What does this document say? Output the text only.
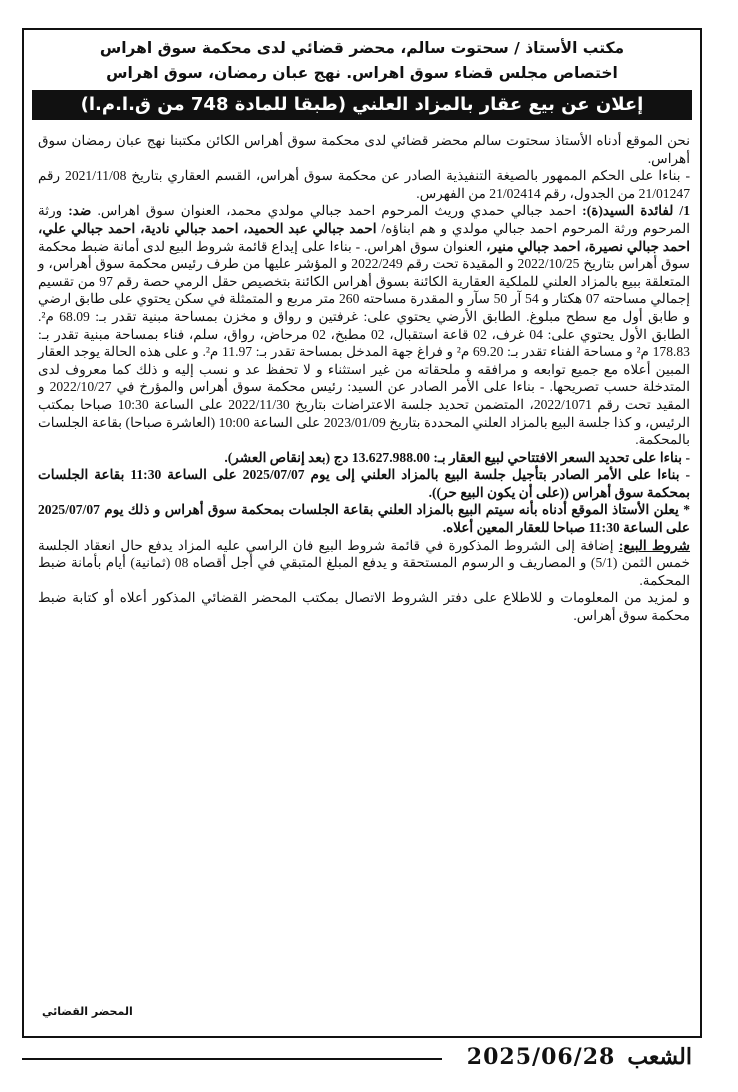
مكتب الأستاذ / سحتوت سالم، محضر قضائي لدى محكمة سوق اهراس
اختصاص مجلس قضاء سوق اهراس. نهج عبان رمضان، سوق اهراس
إعلان عن بيع عقار بالمزاد العلني (طبقا للمادة 748 من ق.ا.م.ا)

نحن الموقع أدناه الأستاذ سحتوت سالم محضر قضائي لدى محكمة سوق أهراس الكائن مكتبنا نهج عبان رمضان سوق أهراس.

- بناءا على الحكم الممهور بالصيغة التنفيذية الصادر عن محكمة سوق أهراس، القسم العقاري بتاريخ 2021/11/08 رقم 21/01247 من الجدول، رقم 21/02414 من الفهرس.

1/ لفائدة السيد(ة): احمد جبالي حمدي وريث المرحوم احمد جبالي مولدي محمد، العنوان سوق اهراس. ضد: ورثة المرحوم ورثة المرحوم احمد جبالي مولدي و هم ابناؤه/ احمد جبالي عبد الحميد، احمد جبالي نادية، احمد جبالي علي، احمد جبالي نصيرة، احمد جبالي منير، العنوان سوق اهراس. - بناءا على إيداع قائمة شروط البيع لدى أمانة ضبط محكمة سوق أهراس بتاريخ 2022/10/25 و المقيدة تحت رقم 2022/249 و المؤشر عليها من طرف رئيس محكمة سوق أهراس، و المتعلقة ببيع بالمزاد العلني للملكية العقارية الكائنة بسوق أهراس الكائنة بتخصيص حقل الرمي حصة رقم 97 من تقسيم إجمالي مساحته 07 هكتار و 54 آر 50 سآر و المقدرة مساحته 260 متر مربع و المتمثلة في سكن يحتوي على طابق ارضي و طابق أول مع سطح مبلوغ. الطابق الأرضي يحتوي على: غرفتين و رواق و مخزن بمساحة مبنية تقدر بـ: 68.09 م². الطابق الأول يحتوي على: 04 غرف، 02 قاعة استقبال، 02 مطبخ، 02 مرحاض، رواق، سلم، فناء بمساحة مبنية تقدر بـ: 178.83 م² و مساحة الفناء تقدر بـ: 69.20 م² و فراغ جهة المدخل بمساحة تقدر بـ: 11.97 م². و على هذه الحالة يوجد العقار المبين أعلاه مع جميع توابعه و مرافقه و ملحقاته من غير استثناء و لا تحفظ عد و نسب إليه و ذلك كما معروف لدى المتدخلة حسب تصريحها. - بناءا على الأمر الصادر عن السيد: رئيس محكمة سوق أهراس والمؤرخ في 2022/10/27 و المقيد تحت رقم 2022/1071، المتضمن تحديد جلسة الاعتراضات بتاريخ 2022/11/30 على الساعة 10:30 صباحا بمكتب الرئيس، و كذا جلسة البيع بالمزاد العلني المحددة بتاريخ 2023/01/09 على الساعة 10:00 (العاشرة صباحا) بقاعة الجلسات بالمحكمة.

- بناءا على تحديد السعر الافتتاحي لبيع العقار بـ: 13.627.988.00 دج (بعد إنقاص العشر).

- بناءا على الأمر الصادر بتأجيل جلسة البيع بالمزاد العلني إلى يوم 2025/07/07 على الساعة 11:30 بقاعة الجلسات بمحكمة سوق أهراس ((على أن يكون البيع حر)).

* يعلن الأستاذ الموقع أدناه بأنه سيتم البيع بالمزاد العلني بقاعة الجلسات بمحكمة سوق أهراس و ذلك يوم 2025/07/07 على الساعة 11:30 صباحا للعقار المعين أعلاه.

شروط البيع: إضافة إلى الشروط المذكورة في قائمة شروط البيع فان الراسي عليه المزاد يدفع حال انعقاد الجلسة خمس الثمن (5/1) و المصاريف و الرسوم المستحقة و يدفع المبلغ المتبقي في أجل أقصاه 08 (ثمانية) أيام بأمانة ضبط المحكمة.

و لمزيد من المعلومات و للاطلاع على دفتر الشروط الاتصال بمكتب المحضر القضائي المذكور أعلاه أو كتابة ضبط محكمة سوق أهراس.

المحضر القضائي
الشعب
2025/06/28
